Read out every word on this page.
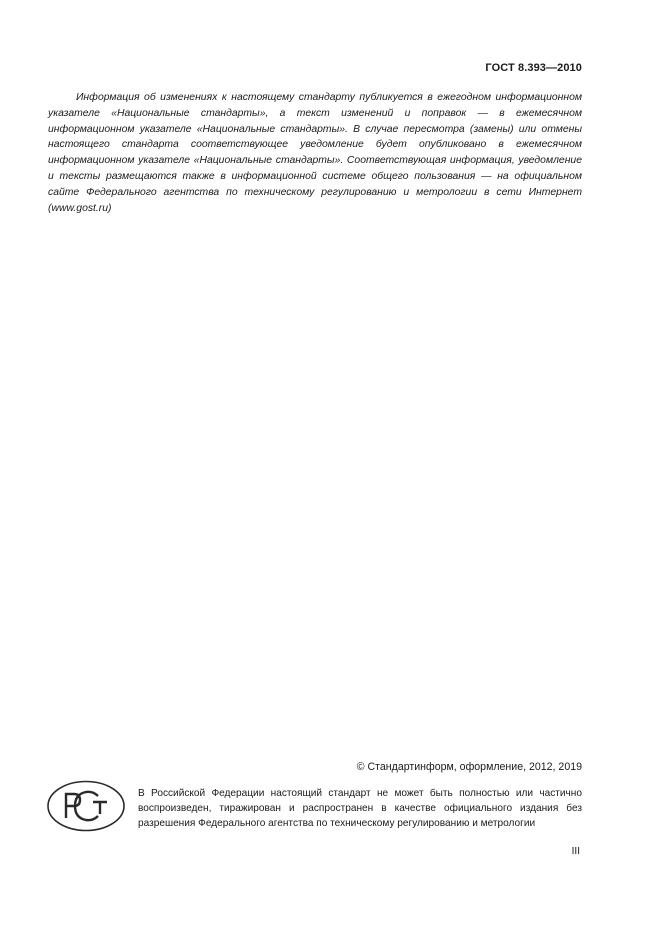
ГОСТ 8.393—2010

Информация об изменениях к настоящему стандарту публикуется в ежегодном информационном указателе «Национальные стандарты», а текст изменений и поправок — в ежемесячном информационном указателе «Национальные стандарты». В случае пересмотра (замены) или отмены настоящего стандарта соответствующее уведомление будет опубликовано в ежемесячном информационном указателе «Национальные стандарты». Соответствующая информация, уведомление и тексты размещаются также в информационной системе общего пользования — на официальном сайте Федерального агентства по техническому регулированию и метрологии в сети Интернет (www.gost.ru)

© Стандартинформ, оформление, 2012, 2019

В Российской Федерации настоящий стандарт не может быть полностью или частично воспроизведен, тиражирован и распространен в качестве официального издания без разрешения Федерального агентства по техническому регулированию и метрологии

III
